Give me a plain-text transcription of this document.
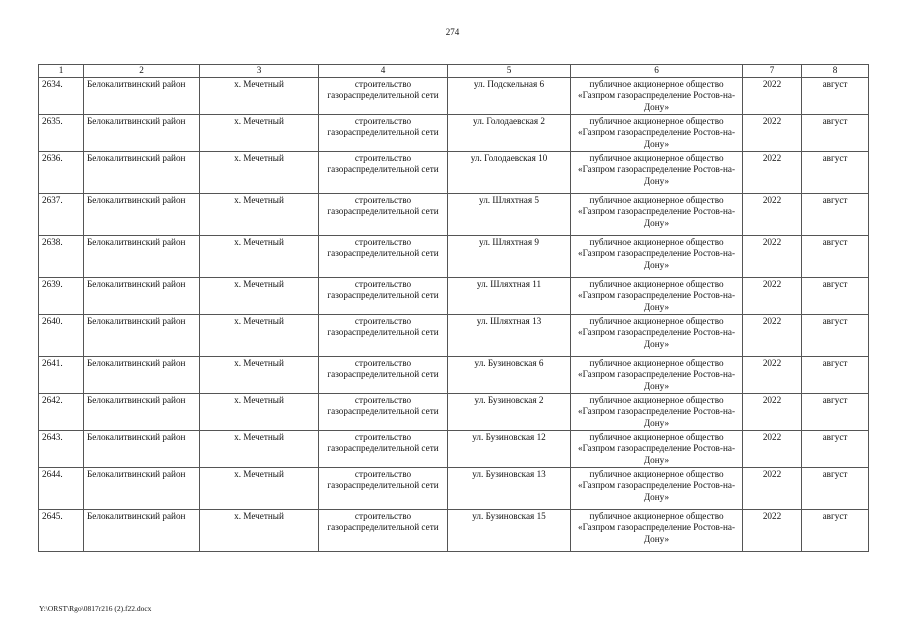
274
1	2	3	4	5	6	7	8
2634.	Белокалитвинский район	х. Мечетный	строительство газораспределительной сети	ул. Подскельная 6	публичное акционерное общество «Газпром газораспределение Ростов-на-Дону»	2022	август
2635.	Белокалитвинский район	х. Мечетный	строительство газораспределительной сети	ул. Голодаевская 2	публичное акционерное общество «Газпром газораспределение Ростов-на-Дону»	2022	август
2636.	Белокалитвинский район	х. Мечетный	строительство газораспределительной сети	ул. Голодаевская 10	публичное акционерное общество «Газпром газораспределение Ростов-на-Дону»	2022	август
2637.	Белокалитвинский район	х. Мечетный	строительство газораспределительной сети	ул. Шляхтная 5	публичное акционерное общество «Газпром газораспределение Ростов-на-Дону»	2022	август
2638.	Белокалитвинский район	х. Мечетный	строительство газораспределительной сети	ул. Шляхтная 9	публичное акционерное общество «Газпром газораспределение Ростов-на-Дону»	2022	август
2639.	Белокалитвинский район	х. Мечетный	строительство газораспределительной сети	ул. Шляхтная 11	публичное акционерное общество «Газпром газораспределение Ростов-на-Дону»	2022	август
2640.	Белокалитвинский район	х. Мечетный	строительство газораспределительной сети	ул. Шляхтная 13	публичное акционерное общество «Газпром газораспределение Ростов-на-Дону»	2022	август
2641.	Белокалитвинский район	х. Мечетный	строительство газораспределительной сети	ул. Бузиновская 6	публичное акционерное общество «Газпром газораспределение Ростов-на-Дону»	2022	август
2642.	Белокалитвинский район	х. Мечетный	строительство газораспределительной сети	ул. Бузиновская 2	публичное акционерное общество «Газпром газораспределение Ростов-на-Дону»	2022	август
2643.	Белокалитвинский район	х. Мечетный	строительство газораспределительной сети	ул. Бузиновская 12	публичное акционерное общество «Газпром газораспределение Ростов-на-Дону»	2022	август
2644.	Белокалитвинский район	х. Мечетный	строительство газораспределительной сети	ул. Бузиновская 13	публичное акционерное общество «Газпром газораспределение Ростов-на-Дону»	2022	август
2645.	Белокалитвинский район	х. Мечетный	строительство газораспределительной сети	ул. Бузиновская 15	публичное акционерное общество «Газпром газораспределение Ростов-на-Дону»	2022	август
Y:\ORST\Rgo\0817r216 (2).f22.docx
